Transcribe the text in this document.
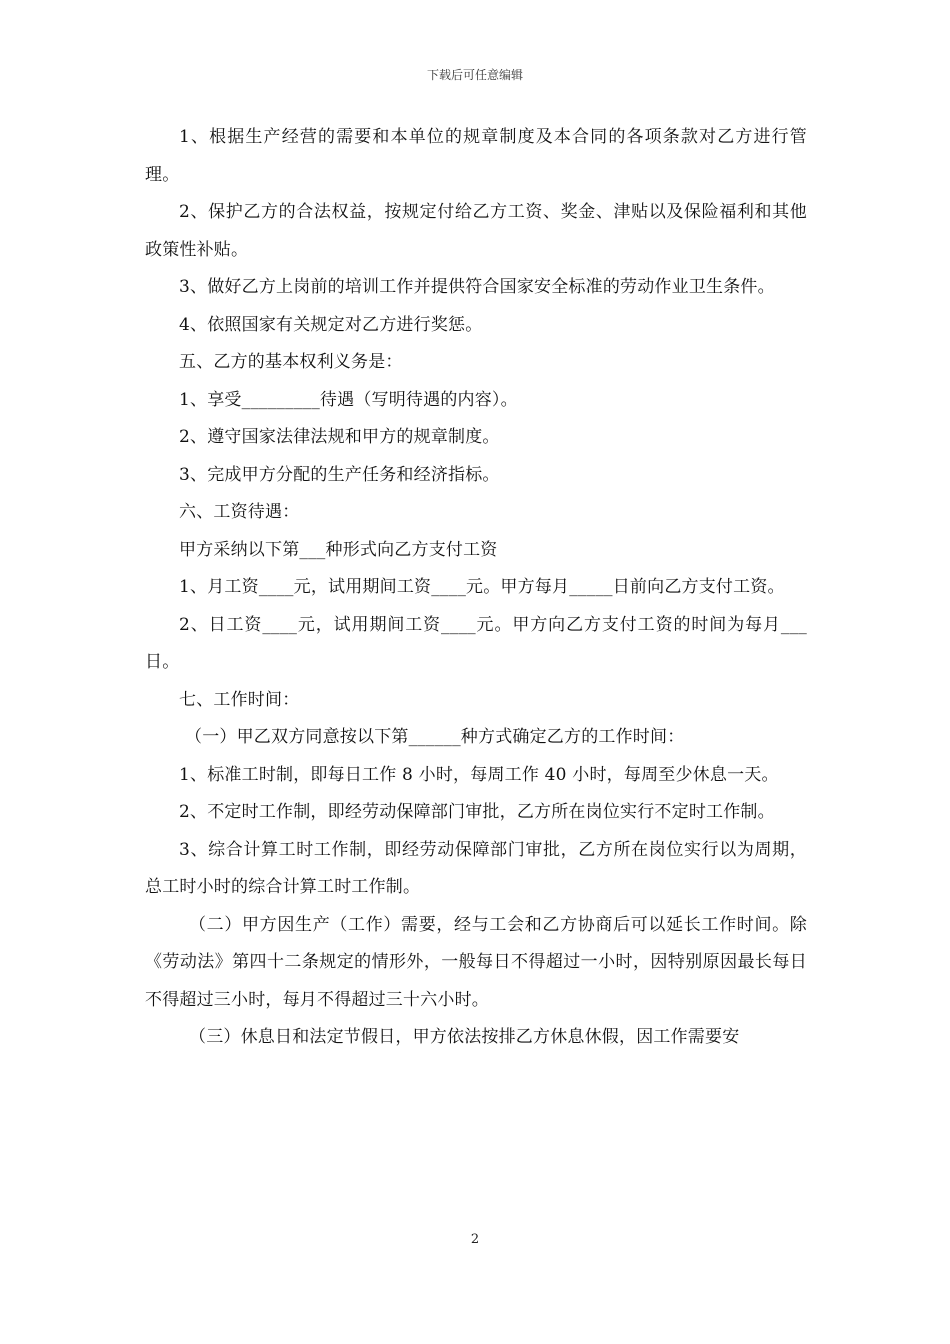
下载后可任意编辑

1、根据生产经营的需要和本单位的规章制度及本合同的各项条款对乙方进行管理。

2、保护乙方的合法权益，按规定付给乙方工资、奖金、津贴以及保险福利和其他政策性补贴。

3、做好乙方上岗前的培训工作并提供符合国家安全标准的劳动作业卫生条件。

4、依照国家有关规定对乙方进行奖惩。

五、乙方的基本权利义务是：

1、享受_________待遇（写明待遇的内容）。

2、遵守国家法律法规和甲方的规章制度。

3、完成甲方分配的生产任务和经济指标。

六、工资待遇：

甲方采纳以下第___种形式向乙方支付工资

1、月工资____元，试用期间工资____元。甲方每月_____日前向乙方支付工资。

2、日工资____元，试用期间工资____元。甲方向乙方支付工资的时间为每月___日。

七、工作时间：

（一）甲乙双方同意按以下第______种方式确定乙方的工作时间：

1、标准工时制，即每日工作 8 小时，每周工作 40 小时，每周至少休息一天。

2、不定时工作制，即经劳动保障部门审批，乙方所在岗位实行不定时工作制。

3、综合计算工时工作制，即经劳动保障部门审批，乙方所在岗位实行以为周期，总工时小时的综合计算工时工作制。

（二）甲方因生产（工作）需要，经与工会和乙方协商后可以延长工作时间。除《劳动法》第四十二条规定的情形外，一般每日不得超过一小时，因特别原因最长每日不得超过三小时，每月不得超过三十六小时。

（三）休息日和法定节假日，甲方依法按排乙方休息休假，因工作需要安

2
